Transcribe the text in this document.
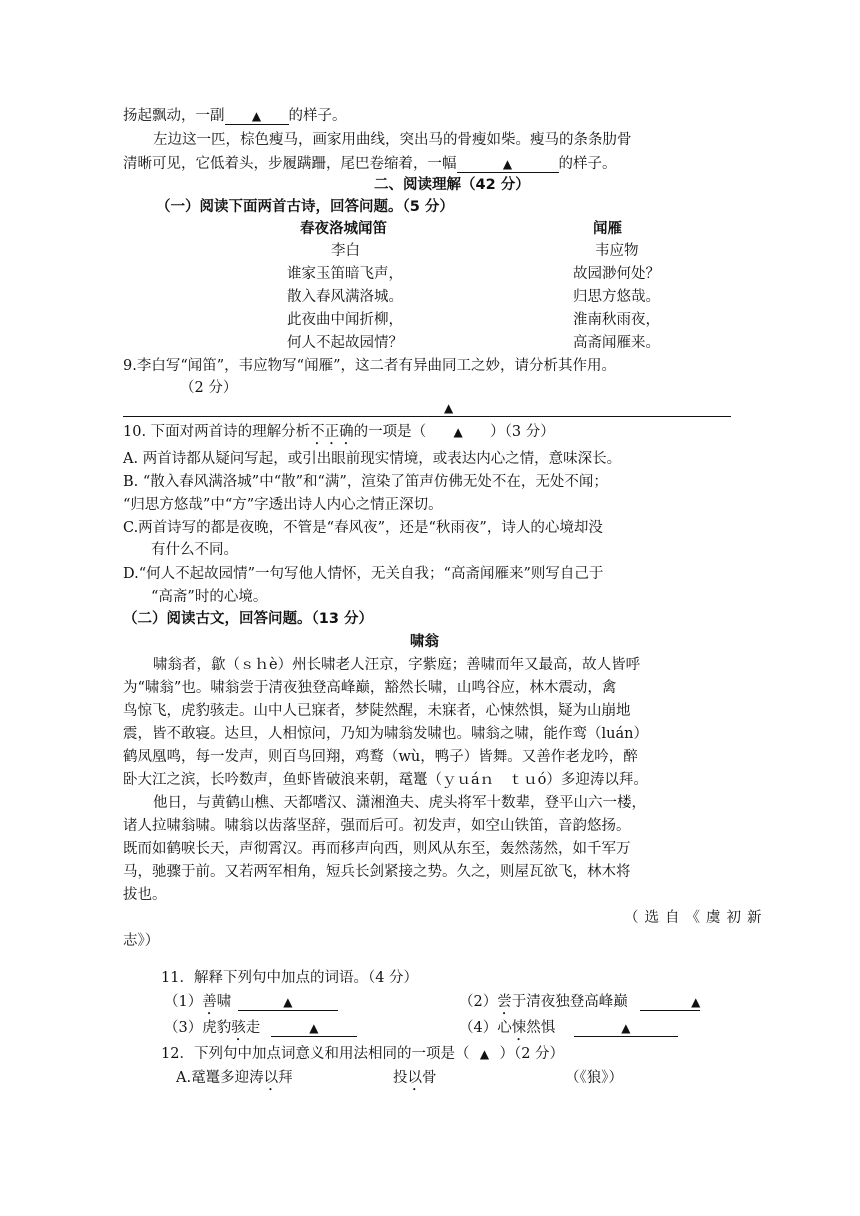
扬起飘动，一副 ▲ 的样子。
左边这一匹，棕色瘦马，画家用曲线，突出马的骨瘦如柴。瘦马的条条肋骨
清晰可见，它低着头，步履蹒跚，尾巴卷缩着，一幅	▲	的样子。
二、阅读理解（42 分）
（一）阅读下面两首古诗，回答问题。（5 分）
春夜洛城闻笛	闻雁
李白	韦应物
谁家玉笛暗飞声，	故园渺何处？
散入春风满洛城。	归思方悠哉。
此夜曲中闻折柳，	淮南秋雨夜，
何人不起故园情？	高斋闻雁来。
9.李白写“闻笛”，韦应物写“闻雁”，这二者有异曲同工之妙，请分析其作用。
（2 分）
▲
10. 下面对两首诗的理解分析不正确的一项是（ ▲ ）（3 分）
A. 两首诗都从疑问写起，或引出眼前现实情境，或表达内心之情，意味深长。
B. “散入春风满洛城”中“散”和“满”，渲染了笛声仿佛无处不在，无处不闻；
“归思方悠哉”中“方”字透出诗人内心之情正深切。
C.两首诗写的都是夜晚，不管是“春风夜”，还是“秋雨夜”，诗人的心境却没
有什么不同。
D.“何人不起故园情”一句写他人情怀，无关自我；“高斋闻雁来”则写自己于
“高斋”时的心境。
（二）阅读古文，回答问题。（13 分）
啸翁
啸翁者，歙（ｓｈè）州长啸老人汪京，字紫庭；善啸而年又最高，故人皆呼
为“啸翁”也。啸翁尝于清夜独登高峰巅，豁然长啸，山鸣谷应，林木震动，禽
鸟惊飞，虎豹骇走。山中人已寐者，梦陡然醒，未寐者，心悚然惧，疑为山崩地
震，皆不敢寝。达旦，人相惊问，乃知为啸翁发啸也。啸翁之啸，能作鸾（luán）
鹤凤凰鸣，每一发声，则百鸟回翔，鸡鹜（wù，鸭子）皆舞。又善作老龙吟，醉
卧大江之滨，长吟数声，鱼虾皆破浪来朝，鼋鼍（ｙｕáｎ　ｔｕó）多迎涛以拜。
他日，与黄鹤山樵、天都嗜汉、潇湘渔夫、虎头将军十数辈，登平山六一楼，
诸人拉啸翁啸。啸翁以齿落坚辞，强而后可。初发声，如空山铁笛，音韵悠扬。
既而如鹤唳长天，声彻霄汉。再而移声向西，则风从东至，轰然荡然，如千军万
马，驰骤于前。又若两军相角，短兵长剑紧接之势。久之，则屋瓦欲飞，林木将
拔也。
（选自《虞初新
志》）
11．解释下列句中加点的词语。（4 分）
（1）善啸	▲	（2）尝于清夜独登高峰巅	▲
（3）虎豹骇走	▲	（4）心悚然惧	▲
12．下列句中加点词意义和用法相同的一项是（ ▲ ）（2 分）
A.鼋鼍多迎涛以拜	投以骨	（《狼》）
